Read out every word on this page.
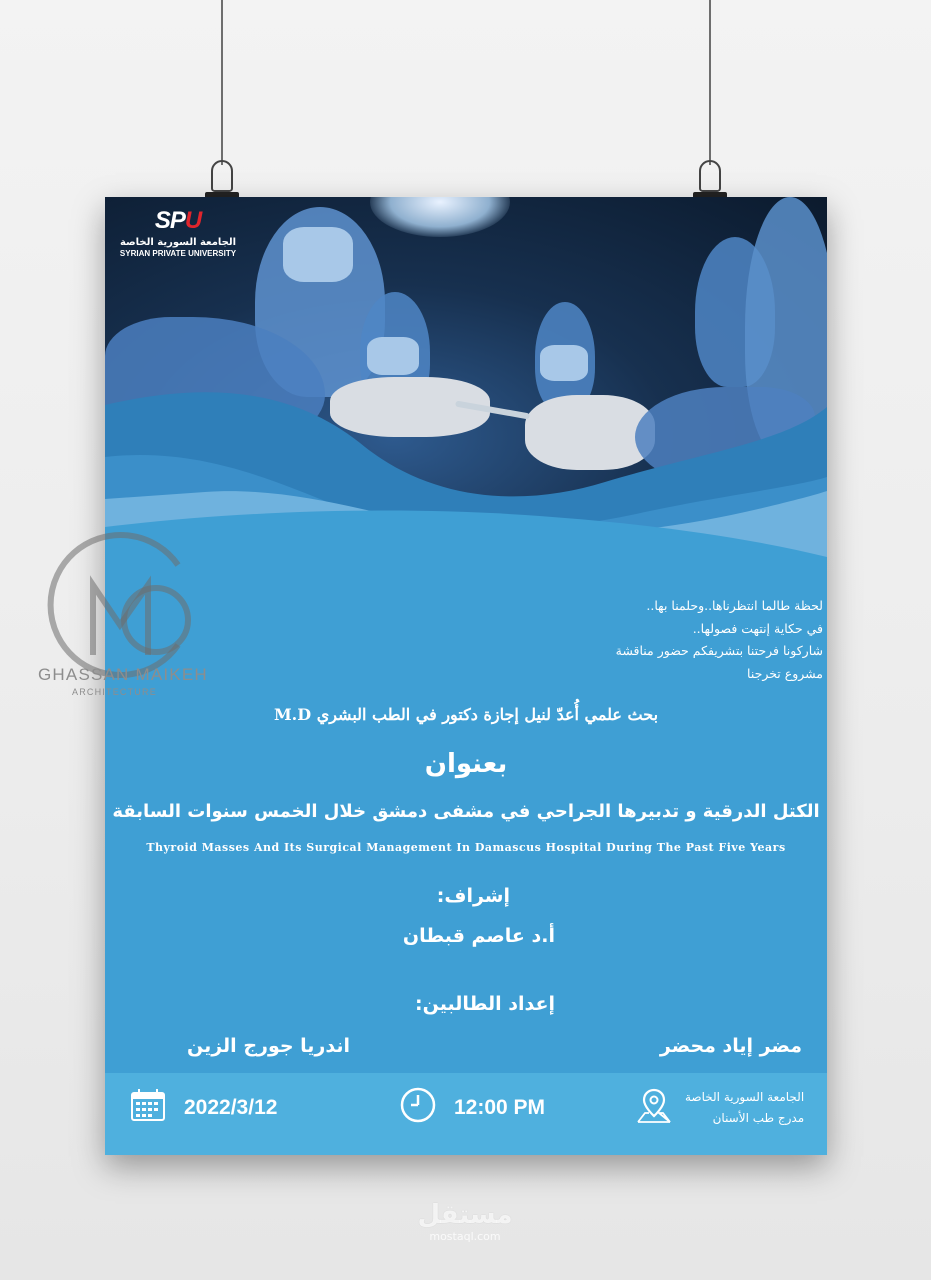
SPU
الجامعة السورية الخاصة
SYRIAN PRIVATE UNIVERSITY
لحظة طالما انتظرناها..وحلمنا بها..
في حكاية إنتهت فصولها..
شاركونا فرحتنا بتشريفكم حضور مناقشة
مشروع تخرجنا
بحث علمي أُعدّ لنيل إجازة دكتور في الطب البشري M.D
بعنوان
الكتل الدرقية و تدبيرها الجراحي في مشفى دمشق خلال الخمس سنوات السابقة
Thyroid Masses And Its Surgical Management In Damascus Hospital During The Past Five Years
إشراف:
أ.د عاصم قبطان
إعداد الطالبين:
مضر إياد محضر
اندريا جورج الزين
2022/3/12	12:00 PM	الجامعة السورية الخاصة
مدرج طب الأسنان
GHASSAN MAIKEH
ARCHITECTURE
مستقل
mostaql.com
